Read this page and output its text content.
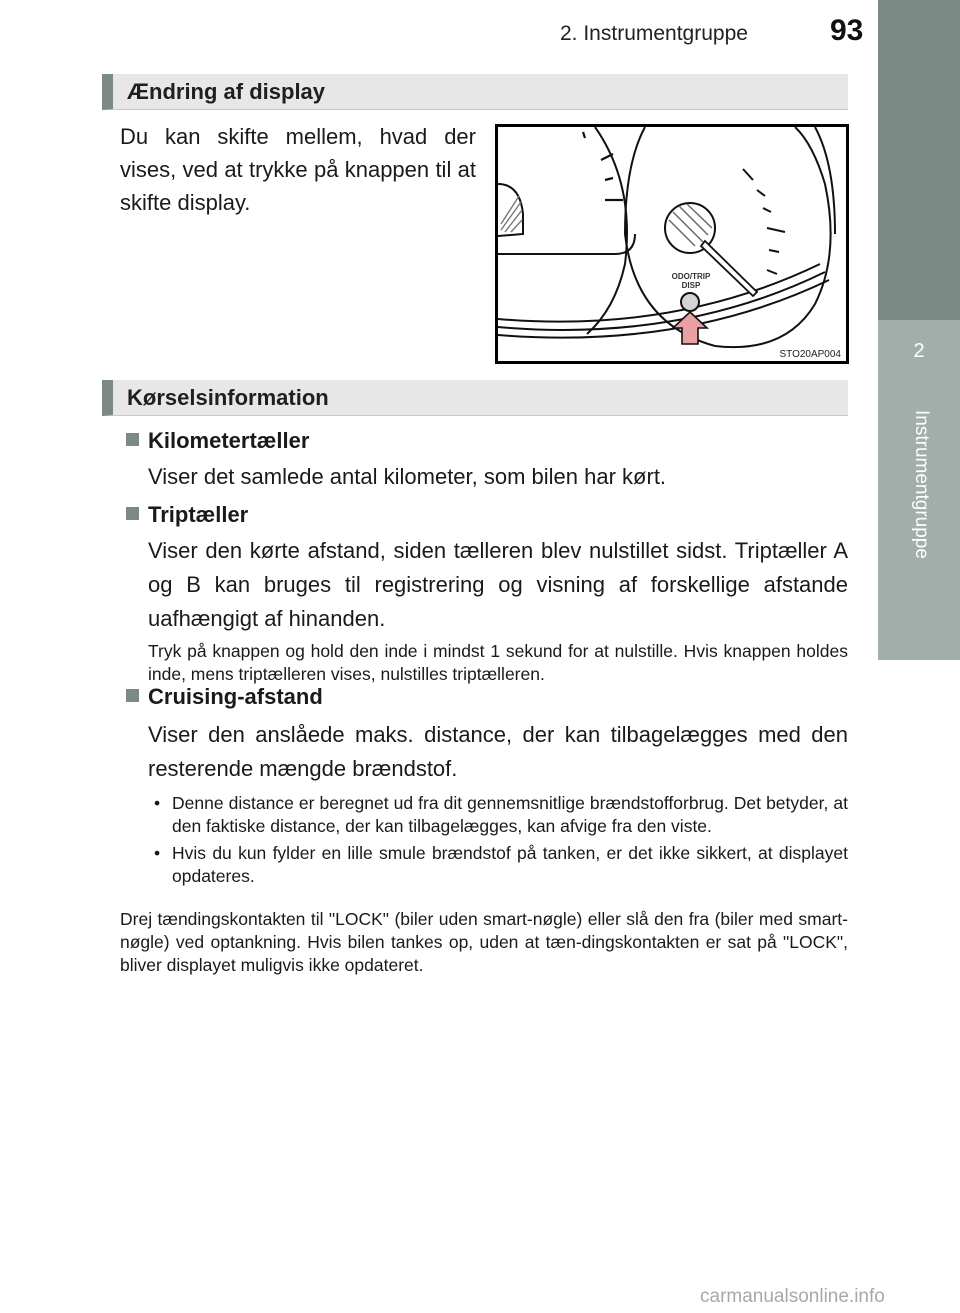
2. Instrumentgruppe	93
2
Instrumentgruppe
Ændring af display
Du kan skifte mellem, hvad der vises, ved at trykke på knappen til at skifte display.
ODO/TRIP
DISP
STO20AP004
Kørselsinformation
Kilometertæller
Viser det samlede antal kilometer, som bilen har kørt.
Triptæller
Viser den kørte afstand, siden tælleren blev nulstillet sidst. Triptæller A og B kan bruges til registrering og visning af forskellige afstande uafhængigt af hinanden.
Tryk på knappen og hold den inde i mindst 1 sekund for at nulstille. Hvis knappen holdes inde, mens triptælleren vises, nulstilles triptælleren.
Cruising-afstand
Viser den anslåede maks. distance, der kan tilbagelægges med den resterende mængde brændstof.
• Denne distance er beregnet ud fra dit gennemsnitlige brændstofforbrug. Det betyder, at den faktiske distance, der kan tilbagelægges, kan afvige fra den viste.
• Hvis du kun fylder en lille smule brændstof på tanken, er det ikke sikkert, at displayet opdateres.
Drej tændingskontakten til "LOCK" (biler uden smart-nøgle) eller slå den fra (biler med smart-nøgle) ved optankning. Hvis bilen tankes op, uden at tæn-dingskontakten er sat på "LOCK", bliver displayet muligvis ikke opdateret.
carmanualsonline.info
